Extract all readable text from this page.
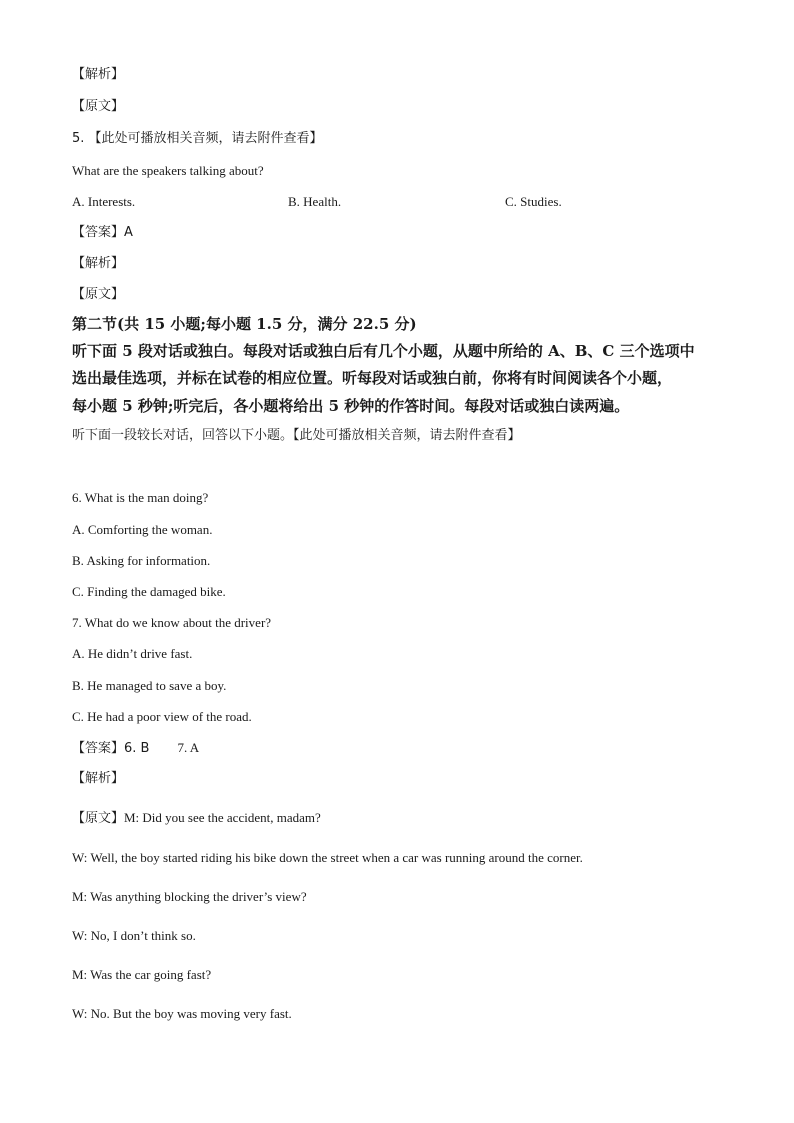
【解析】
【原文】
5. 【此处可播放相关音频，请去附件查看】
What are the speakers talking about?
A. Interests.	B. Health.	C. Studies.
【答案】A
【解析】
【原文】
第二节(共 15 小题;每小题 1.5 分，满分 22.5 分)
听下面 5 段对话或独白。每段对话或独白后有几个小题，从题中所给的 A、B、C 三个选项中
选出最佳选项，并标在试卷的相应位置。听每段对话或独白前，你将有时间阅读各个小题，
每小题 5 秒钟;听完后，各小题将给出 5 秒钟的作答时间。每段对话或独白读两遍。
听下面一段较长对话，回答以下小题。【此处可播放相关音频，请去附件查看】
6. What is the man doing?
A. Comforting the woman.
B. Asking for information.
C. Finding the damaged bike.
7. What do we know about the driver?
A. He didn’t drive fast.
B. He managed to save a boy.
C. He had a poor view of the road.
【答案】6. B 7. A
【解析】
【原文】M: Did you see the accident, madam?
W: Well, the boy started riding his bike down the street when a car was running around the corner.
M: Was anything blocking the driver’s view?
W: No, I don’t think so.
M: Was the car going fast?
W: No. But the boy was moving very fast.
